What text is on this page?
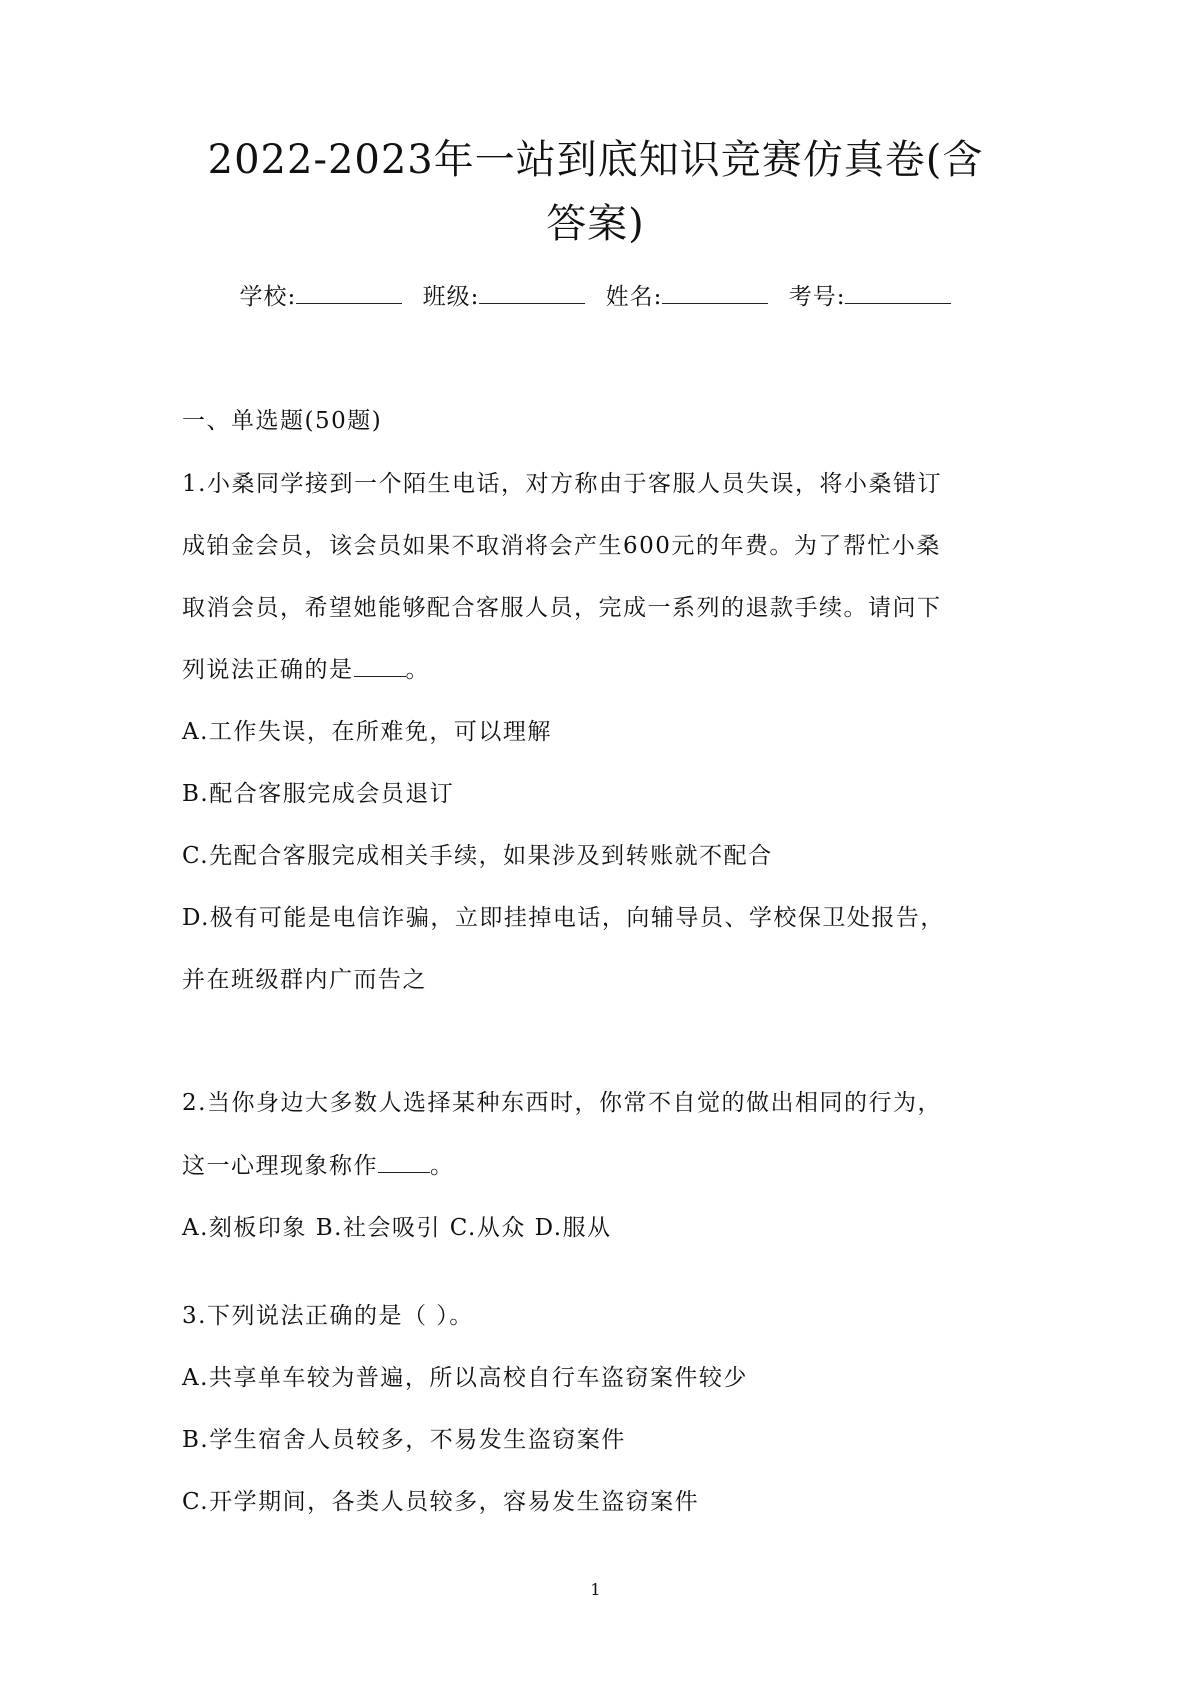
2022-2023年一站到底知识竞赛仿真卷(含
答案)
学校:	班级:	姓名:	考号:
一、单选题(50题)
1.小桑同学接到一个陌生电话，对方称由于客服人员失误，将小桑错订
成铂金会员，该会员如果不取消将会产生600元的年费。为了帮忙小桑
取消会员，希望她能够配合客服人员，完成一系列的退款手续。请问下
列说法正确的是 。
A.工作失误，在所难免，可以理解
B.配合客服完成会员退订
C.先配合客服完成相关手续，如果涉及到转账就不配合
D.极有可能是电信诈骗，立即挂掉电话，向辅导员、学校保卫处报告，
并在班级群内广而告之
2.当你身边大多数人选择某种东西时，你常不自觉的做出相同的行为，
这一心理现象称作 。
A.刻板印象 B.社会吸引 C.从众 D.服从
3.下列说法正确的是（ ）。
A.共享单车较为普遍，所以高校自行车盗窃案件较少
B.学生宿舍人员较多，不易发生盗窃案件
C.开学期间，各类人员较多，容易发生盗窃案件
1
